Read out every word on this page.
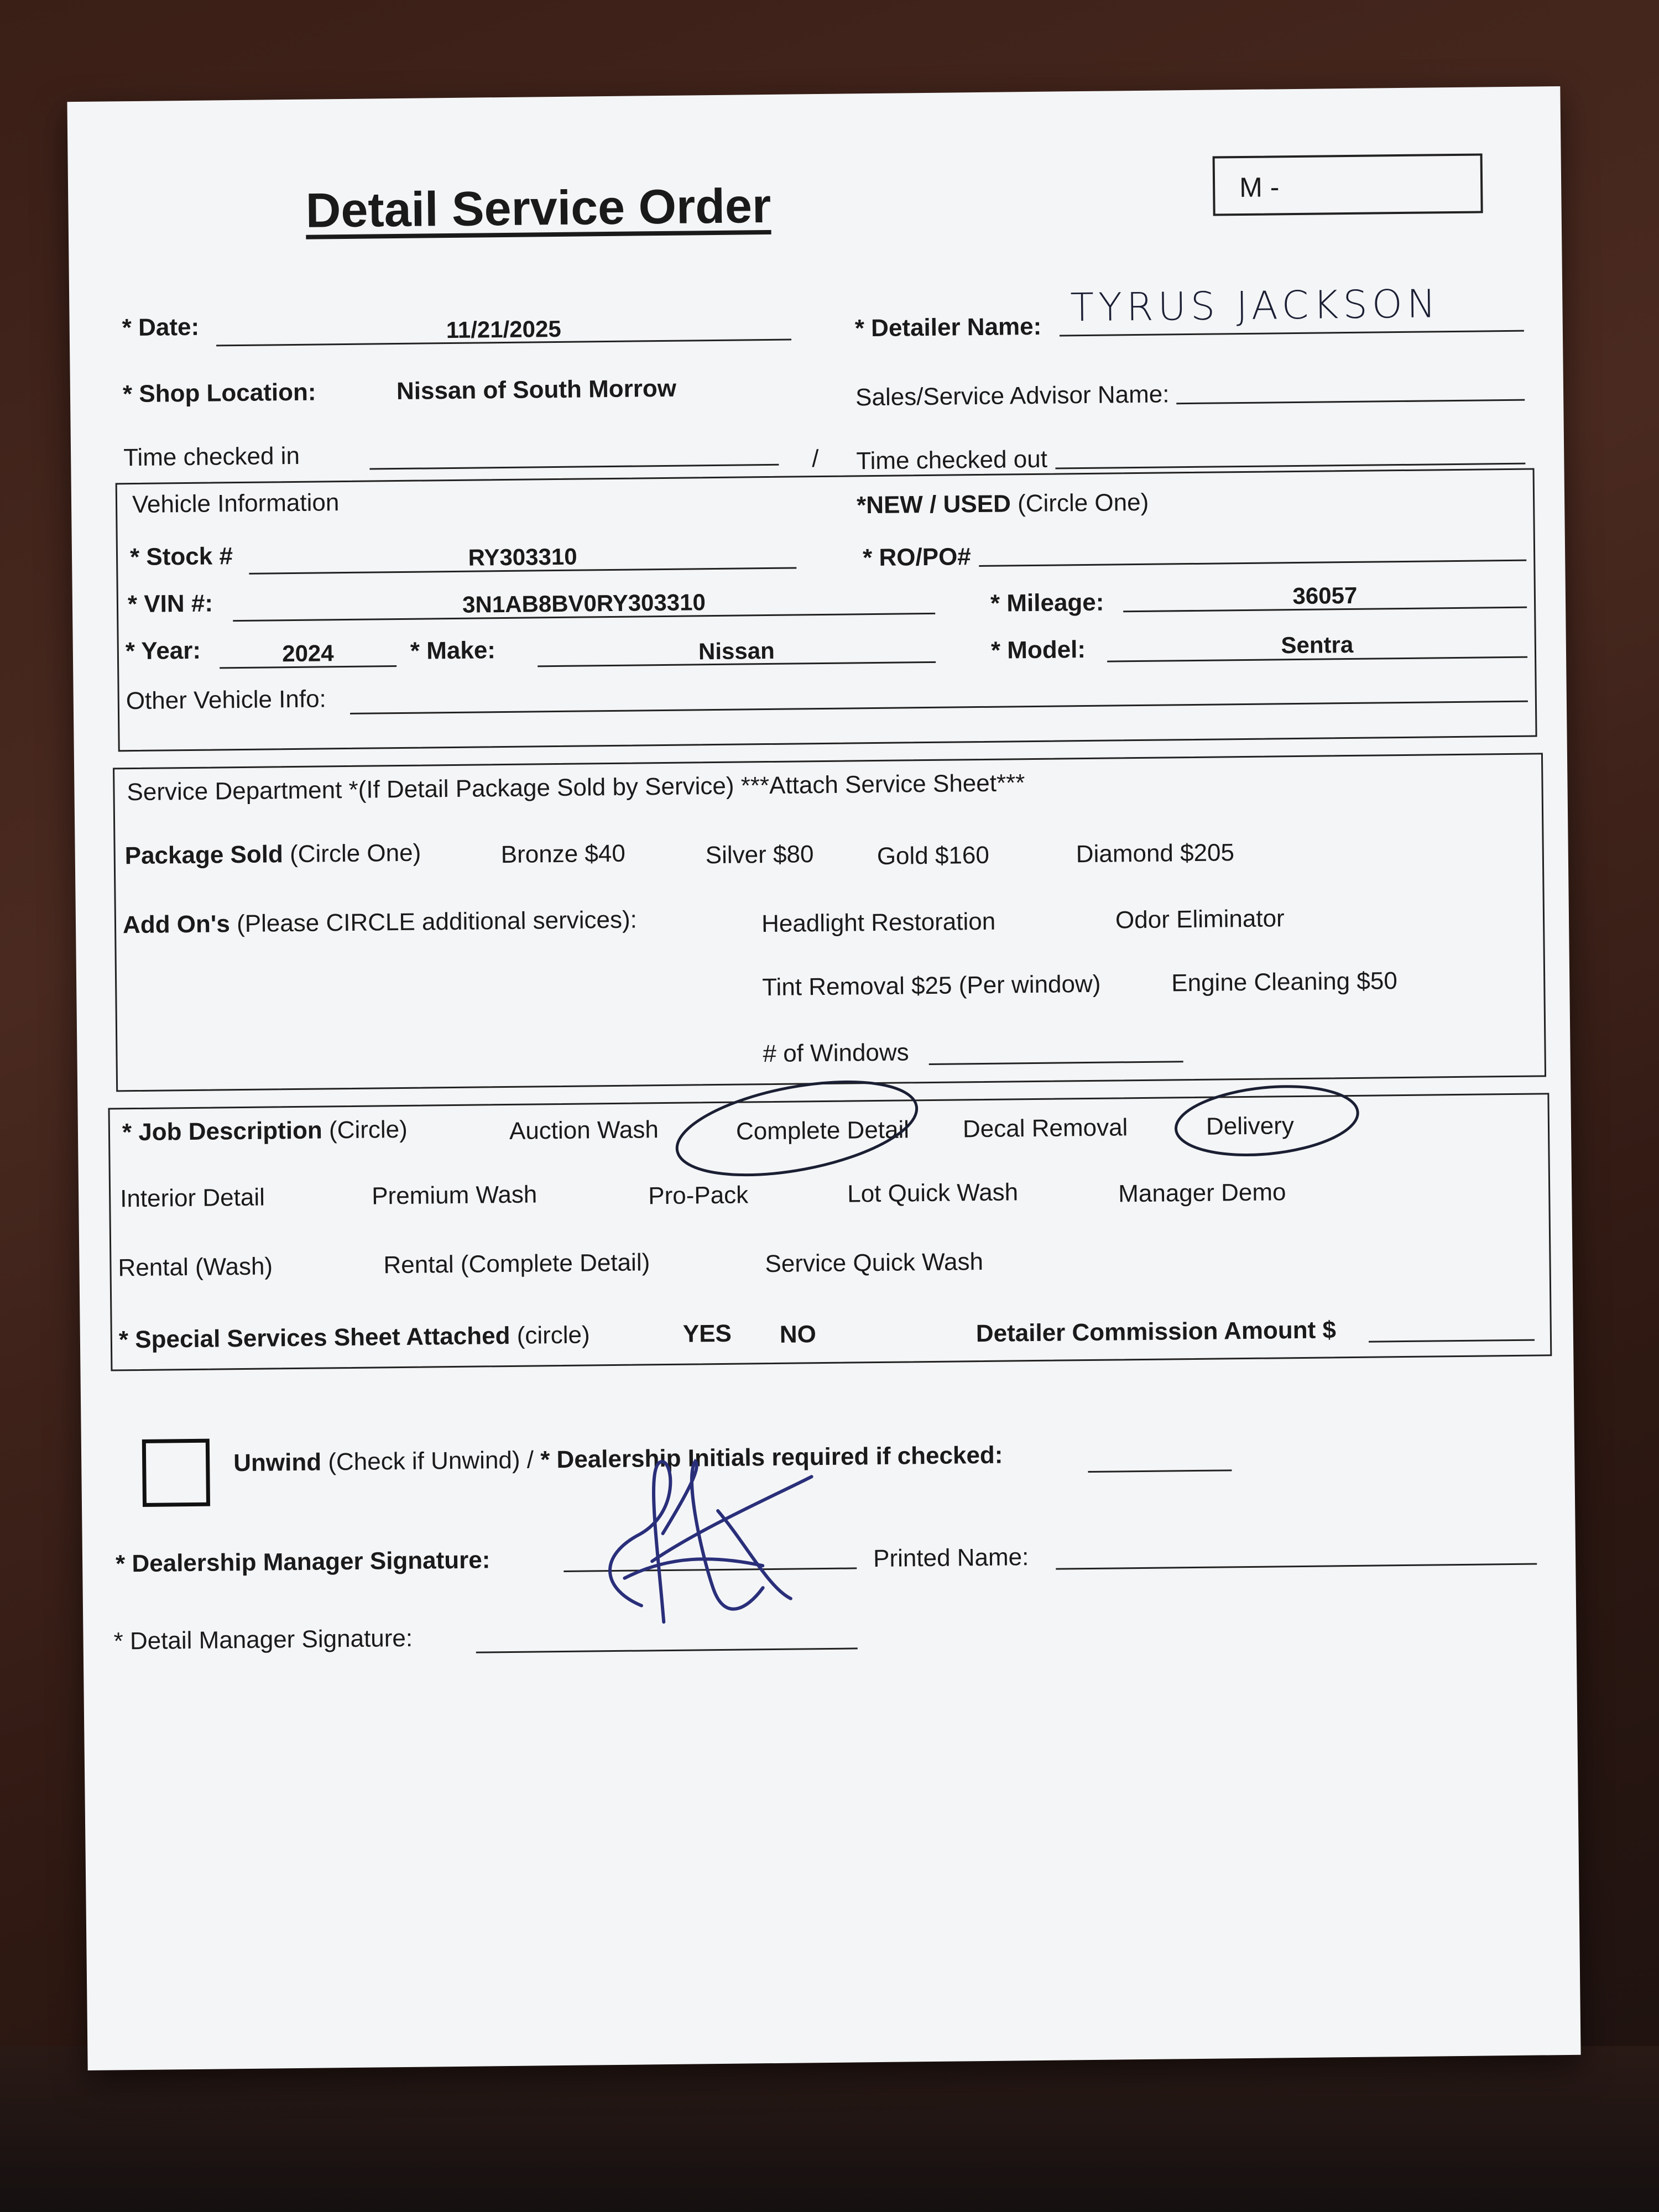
Detail Service Order	M -
* Date:	11/21/2025	* Detailer Name: TYRUS JACKSON
* Shop Location:	Nissan of South Morrow	Sales/Service Advisor Name:
Time checked in	/ Time checked out
Vehicle Information	*NEW / USED (Circle One)
* Stock #	RY303310	* RO/PO#
* VIN #:	3N1AB8BV0RY303310	* Mileage:	36057
* Year:	2024	* Make:	Nissan	* Model:	Sentra
Other Vehicle Info:
Service Department *(If Detail Package Sold by Service) ***Attach Service Sheet***
Package Sold (Circle One)	Bronze $40	Silver $80	Gold $160	Diamond $205
Add On's (Please CIRCLE additional services):	Headlight Restoration	Odor Eliminator
Tint Removal $25 (Per window)	Engine Cleaning $50
# of Windows
* Job Description (Circle)	Auction Wash	Complete Detail Decal Removal	Delivery
Interior Detail	Premium Wash	Pro-Pack	Lot Quick Wash	Manager Demo
Rental (Wash)	Rental (Complete Detail)	Service Quick Wash
* Special Services Sheet Attached (circle)	YES NO	Detailer Commission Amount $
Unwind (Check if Unwind) / * Dealership Initials required if checked:
* Dealership Manager Signature:	Printed Name:
* Detail Manager Signature:
